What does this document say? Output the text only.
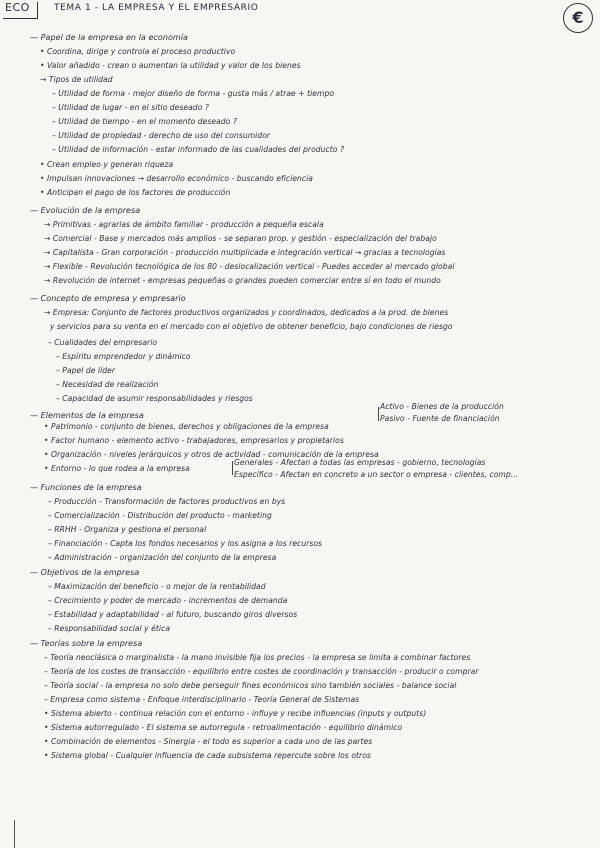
ECO	TEMA 1 - LA EMPRESA Y EL EMPRESARIO	€
— Papel de la empresa en la economía
• Coordina, dirige y controla el proceso productivo
• Valor añadido - crean o aumentan la utilidad y valor de los bienes
→ Tipos de utilidad
– Utilidad de forma - mejor diseño de forma - gusta más / atrae + tiempo
– Utilidad de lugar - en el sitio deseado ?
– Utilidad de tiempo - en el momento deseado ?
– Utilidad de propiedad - derecho de uso del consumidor
– Utilidad de información - estar informado de las cualidades del producto ?
• Crean empleo y generan riqueza
• Impulsan innovaciones → desarrollo económico - buscando eficiencia
• Anticipan el pago de los factores de producción
— Evolución de la empresa
→ Primitivas - agrarias de ámbito familiar - producción a pequeña escala
→ Comercial - Base y mercados más amplios - se separan prop. y gestión - especialización del trabajo
→ Capitalista - Gran corporación - producción multiplicada e integración vertical → gracias a tecnologías
→ Flexible - Revolución tecnológica de los 80 - deslocalización vertical - Puedes acceder al mercado global
→ Revolución de internet - empresas pequeñas o grandes pueden comerciar entre sí en todo el mundo
— Concepto de empresa y empresario
→ Empresa: Conjunto de factores productivos organizados y coordinados, dedicados a la prod. de bienes
y servicios para su venta en el mercado con el objetivo de obtener beneficio, bajo condiciones de riesgo
– Cualidades del empresario
– Espíritu emprendedor y dinámico
– Papel de líder
– Necesidad de realización
– Capacidad de asumir responsabilidades y riesgos
— Elementos de la empresa
Activo - Bienes de la producción
• Patrimonio - conjunto de bienes, derechos y obligaciones de la empresa
Pasivo - Fuente de financiación
• Factor humano - elemento activo - trabajadores, empresarios y propietarios
• Organización - niveles jerárquicos y otros de actividad - comunicación de la empresa
Generales - Afectan a todas las empresas - gobierno, tecnologías
• Entorno - lo que rodea a la empresa
Específico - Afectan en concreto a un sector o empresa - clientes, comp...
— Funciones de la empresa
– Producción - Transformación de factores productivos en bys
– Comercialización - Distribución del producto - marketing
– RRHH - Organiza y gestiona el personal
– Financiación - Capta los fondos necesarios y los asigna a los recursos
– Administración - organización del conjunto de la empresa
— Objetivos de la empresa
– Maximización del beneficio - o mejor de la rentabilidad
– Crecimiento y poder de mercado - incrementos de demanda
– Estabilidad y adaptabilidad - al futuro, buscando giros diversos
– Responsabilidad social y ética
— Teorías sobre la empresa
– Teoría neoclásica o marginalista - la mano invisible fija los precios - la empresa se limita a combinar factores
– Teoría de los costes de transacción - equilibrio entre costes de coordinación y transacción - producir o comprar
– Teoría social - la empresa no solo debe perseguir fines económicos sino también sociales - balance social
– Empresa como sistema - Enfoque interdisciplinario - Teoría General de Sistemas
• Sistema abierto - continua relación con el entorno - influye y recibe influencias (inputs y outputs)
• Sistema autorregulado - El sistema se autorregula - retroalimentación - equilibrio dinámico
• Combinación de elementos - Sinergia - el todo es superior a cada uno de las partes
• Sistema global - Cualquier influencia de cada subsistema repercute sobre los otros
